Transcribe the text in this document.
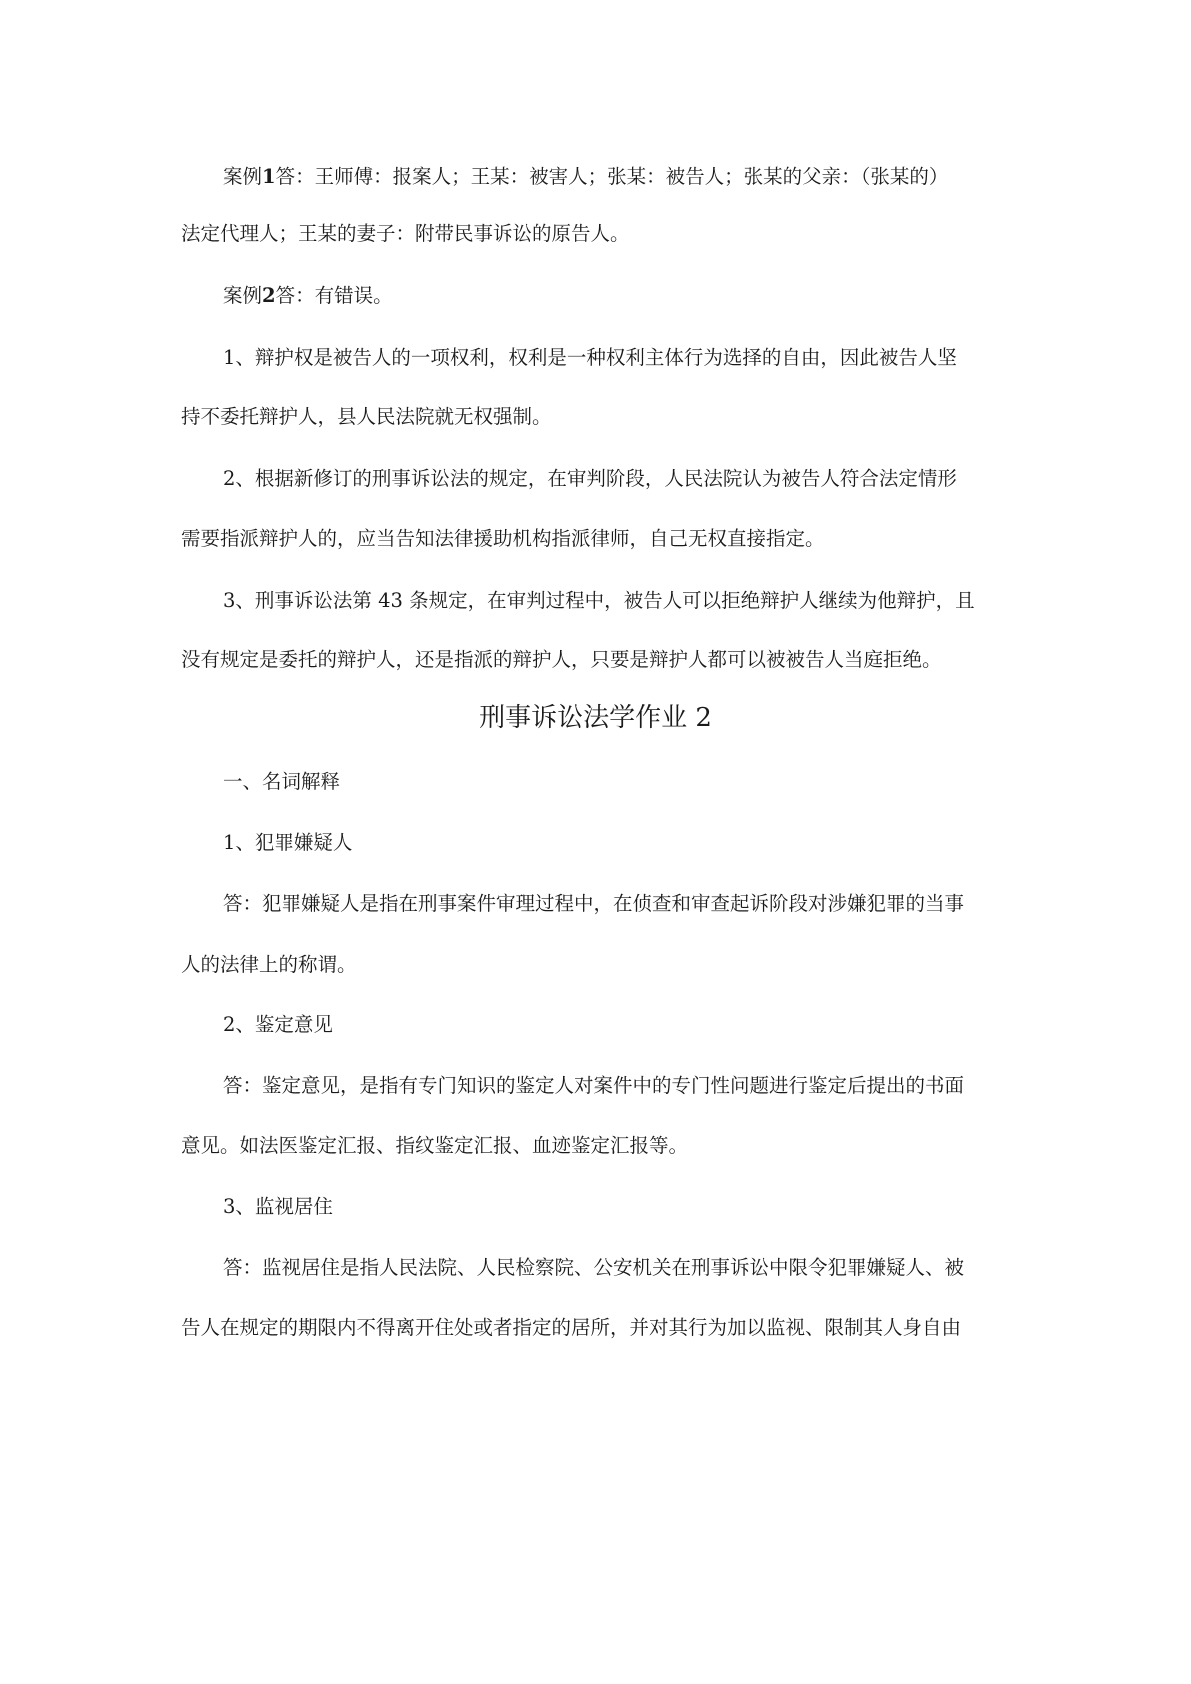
案例1答：王师傅：报案人；王某：被害人；张某：被告人；张某的父亲：（张某的）
法定代理人；王某的妻子：附带民事诉讼的原告人。
案例2答：有错误。
1、辩护权是被告人的一项权利，权利是一种权利主体行为选择的自由，因此被告人坚
持不委托辩护人，县人民法院就无权强制。
2、根据新修订的刑事诉讼法的规定，在审判阶段，人民法院认为被告人符合法定情形
需要指派辩护人的，应当告知法律援助机构指派律师，自己无权直接指定。
3、刑事诉讼法第 43 条规定，在审判过程中，被告人可以拒绝辩护人继续为他辩护，且
没有规定是委托的辩护人，还是指派的辩护人，只要是辩护人都可以被被告人当庭拒绝。
刑事诉讼法学作业 2
一、名词解释
1、犯罪嫌疑人
答：犯罪嫌疑人是指在刑事案件审理过程中，在侦查和审查起诉阶段对涉嫌犯罪的当事
人的法律上的称谓。
2、鉴定意见
答：鉴定意见，是指有专门知识的鉴定人对案件中的专门性问题进行鉴定后提出的书面
意见。如法医鉴定汇报、指纹鉴定汇报、血迹鉴定汇报等。
3、监视居住
答：监视居住是指人民法院、人民检察院、公安机关在刑事诉讼中限令犯罪嫌疑人、被
告人在规定的期限内不得离开住处或者指定的居所，并对其行为加以监视、限制其人身自由
